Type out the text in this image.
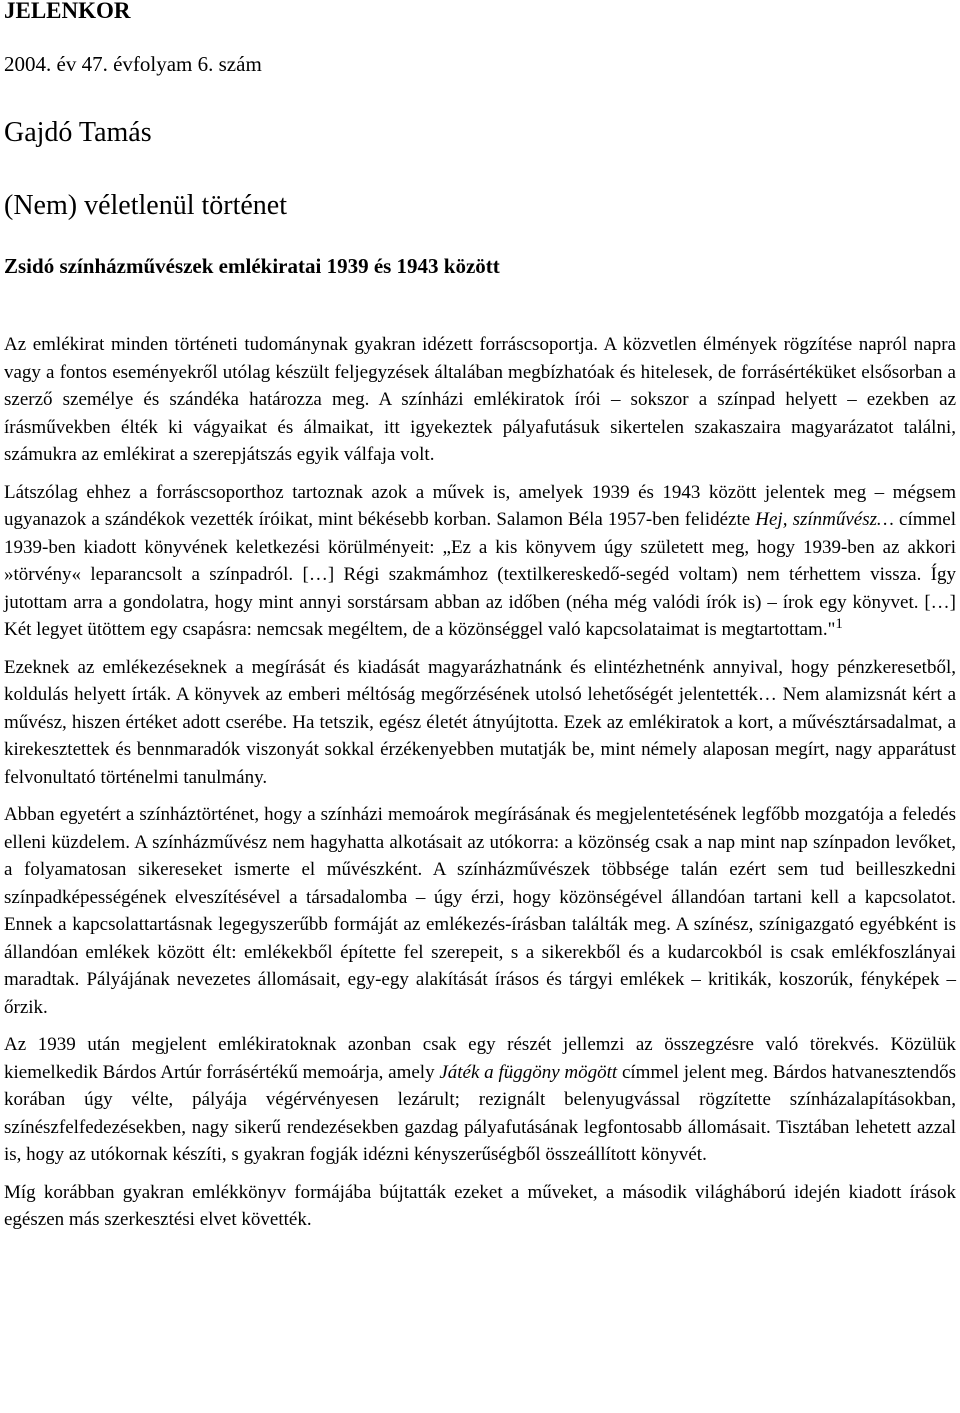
JELENKOR
2004. év 47. évfolyam 6. szám
Gajdó Tamás
(Nem) véletlenül történet
Zsidó színházművészek emlékiratai 1939 és 1943 között

Az emlékirat minden történeti tudománynak gyakran idézett forráscsoportja. A közvetlen élmények rögzítése napról napra vagy a fontos eseményekről utólag készült feljegyzések általában megbízhatóak és hitelesek, de forrásértéküket elsősorban a szerző személye és szándéka határozza meg. A színházi emlékiratok írói – sokszor a színpad helyett – ezekben az írásművekben élték ki vágyaikat és álmaikat, itt igyekeztek pályafutásuk sikertelen szakaszaira magyarázatot találni, számukra az emlékirat a szerepjátszás egyik válfaja volt.

Látszólag ehhez a forráscsoporthoz tartoznak azok a művek is, amelyek 1939 és 1943 között jelentek meg – mégsem ugyanazok a szándékok vezették íróikat, mint békésebb korban. Salamon Béla 1957-ben felidézte Hej, színművész… címmel 1939-ben kiadott könyvének keletkezési körülményeit: „Ez a kis könyvem úgy született meg, hogy 1939-ben az akkori »törvény« leparancsolt a színpadról. […] Régi szakmámhoz (textilkereskedő-segéd voltam) nem térhettem vissza. Így jutottam arra a gondolatra, hogy mint annyi sorstársam abban az időben (néha még valódi írók is) – írok egy könyvet. […] Két legyet ütöttem egy csapásra: nemcsak megéltem, de a közönséggel való kapcsolataimat is megtartottam."$^1$

Ezeknek az emlékezéseknek a megírását és kiadását magyarázhatnánk és elintézhetnénk annyival, hogy pénzkeresetből, koldulás helyett írták. A könyvek az emberi méltóság megőrzésének utolsó lehetőségét jelentették… Nem alamizsnát kért a művész, hiszen értéket adott cserébe. Ha tetszik, egész életét átnyújtotta. Ezek az emlékiratok a kort, a művésztársadalmat, a kirekesztettek és bennmaradók viszonyát sokkal érzékenyebben mutatják be, mint némely alaposan megírt, nagy apparátust felvonultató történelmi tanulmány.

Abban egyetért a színháztörténet, hogy a színházi memoárok megírásának és megjelentetésének legfőbb mozgatója a feledés elleni küzdelem. A színházművész nem hagyhatta alkotásait az utókorra: a közönség csak a nap mint nap színpadon levőket, a folyamatosan sikereseket ismerte el művészként. A színházművészek többsége talán ezért sem tud beilleszkedni színpadképességének elveszítésével a társadalomba – úgy érzi, hogy közönségével állandóan tartani kell a kapcsolatot. Ennek a kapcsolattartásnak legegyszerűbb formáját az emlékezés-írásban találták meg. A színész, színigazgató egyébként is állandóan emlékek között élt: emlékekből építette fel szerepeit, s a sikerekből és a kudarcokból is csak emlékfoszlányai maradtak. Pályájának nevezetes állomásait, egy-egy alakítását írásos és tárgyi emlékek – kritikák, koszorúk, fényképek – őrzik.

Az 1939 után megjelent emlékiratoknak azonban csak egy részét jellemzi az összegzésre való törekvés. Közülük kiemelkedik Bárdos Artúr forrásértékű memoárja, amely Játék a függöny mögött címmel jelent meg. Bárdos hatvanesztendős korában úgy vélte, pályája végérvényesen lezárult; rezignált belenyugvással rögzítette színházalapításokban, színészfelfedezésekben, nagy sikerű rendezésekben gazdag pályafutásának legfontosabb állomásait. Tisztában lehetett azzal is, hogy az utókornak készíti, s gyakran fogják idézni kényszerűségből összeállított könyvét.

Míg korábban gyakran emlékkönyv formájába bújtatták ezeket a műveket, a második világháború idején kiadott írások egészen más szerkesztési elvet követték.
